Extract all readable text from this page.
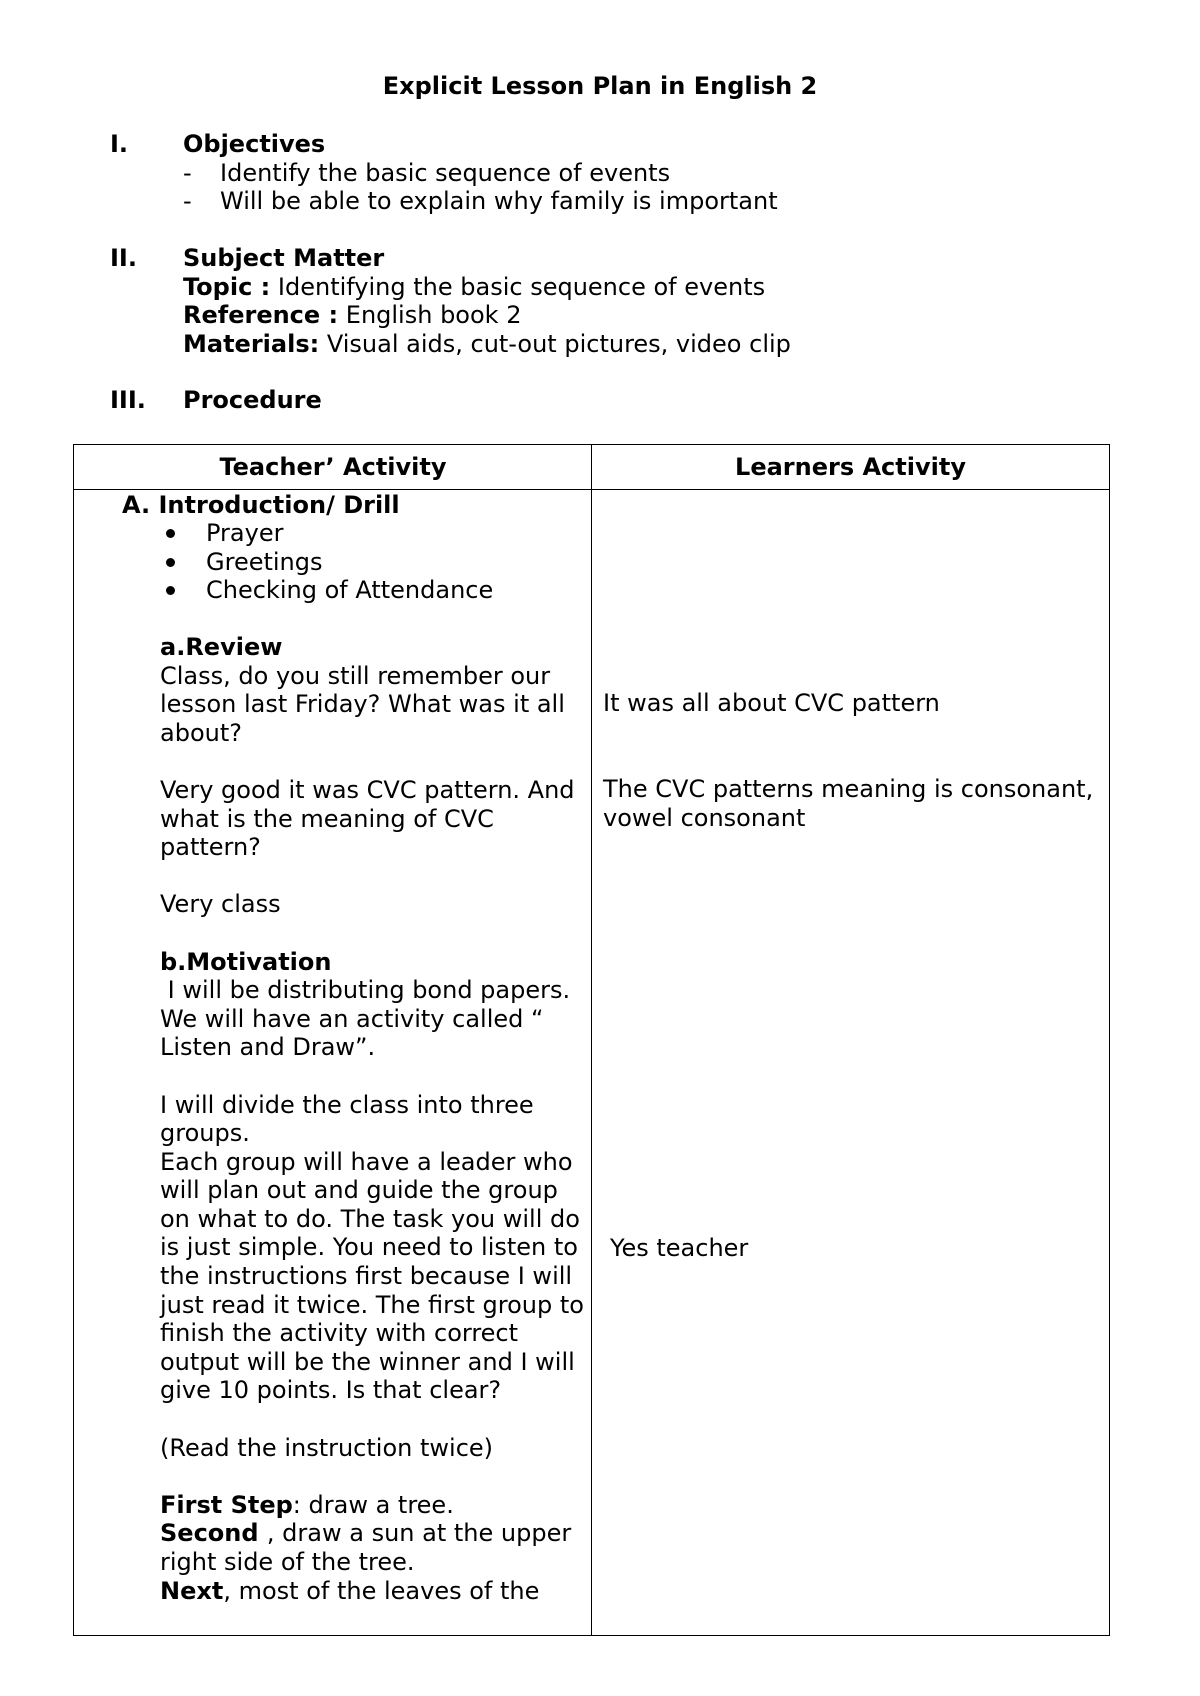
Explicit Lesson Plan in English 2
I. Objectives
- Identify the basic sequence of events
- Will be able to explain why family is important
II. Subject Matter
Topic : Identifying the basic sequence of events
Reference : English book 2
Materials: Visual aids, cut-out pictures, video clip
III. Procedure
Teacher’ Activity	Learners Activity
A. Introduction/ Drill
Prayer
Greetings
Checking of Attendance

a.Review

Class, do you still remember our lesson last Friday? What was it all about?

Very good it was CVC pattern. And what is the meaning of CVC pattern?

Very class

b.Motivation

I will be distributing bond papers. We will have an activity called “ Listen and Draw”.

I will divide the class into three groups.

Each group will have a leader who will plan out and guide the group on what to do. The task you will do is just simple. You need to listen to the instructions first because I will just read it twice. The first group to finish the activity with correct output will be the winner and I will give 10 points. Is that clear?

(Read the instruction twice)

First Step: draw a tree.

Second , draw a sun at the upper right side of the tree.

Next, most of the leaves of the

It was all about CVC pattern
The CVC patterns meaning is consonant, vowel consonant
Yes teacher
